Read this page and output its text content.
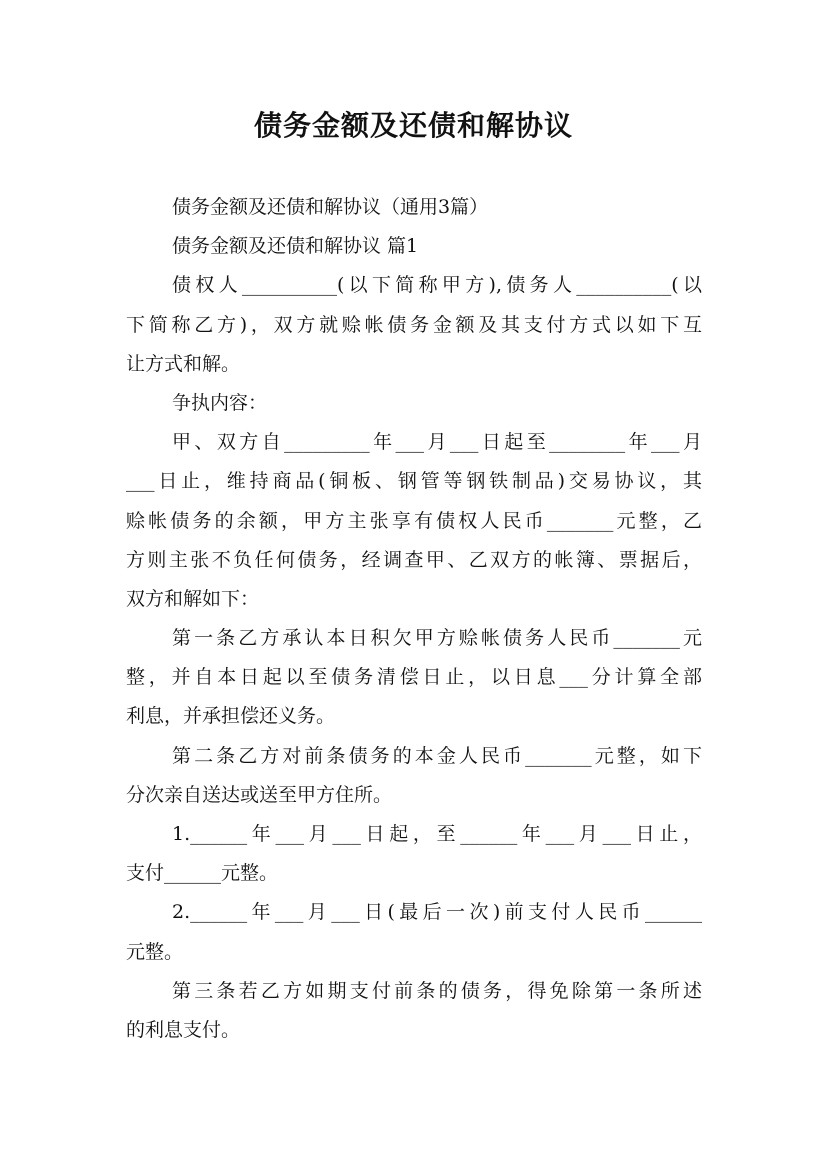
债务金额及还债和解协议
债务金额及还债和解协议（通用3篇）
债务金额及还债和解协议 篇1
债权人__________(以下简称甲方),债务人__________(以
下简称乙方)，双方就赊帐债务金额及其支付方式以如下互
让方式和解。
争执内容：
甲、双方自_________年___月___日起至________年___月
___日止，维持商品(铜板、钢管等钢铁制品)交易协议，其
赊帐债务的余额，甲方主张享有债权人民币_______元整，乙
方则主张不负任何债务，经调查甲、乙双方的帐簿、票据后，
双方和解如下：
第一条乙方承认本日积欠甲方赊帐债务人民币_______元
整，并自本日起以至债务清偿日止，以日息___分计算全部
利息，并承担偿还义务。
第二条乙方对前条债务的本金人民币_______元整，如下
分次亲自送达或送至甲方住所。
1.______年___月___日起，至______年___月___日止，
支付______元整。
2.______年___月___日(最后一次)前支付人民币______
元整。
第三条若乙方如期支付前条的债务，得免除第一条所述
的利息支付。
